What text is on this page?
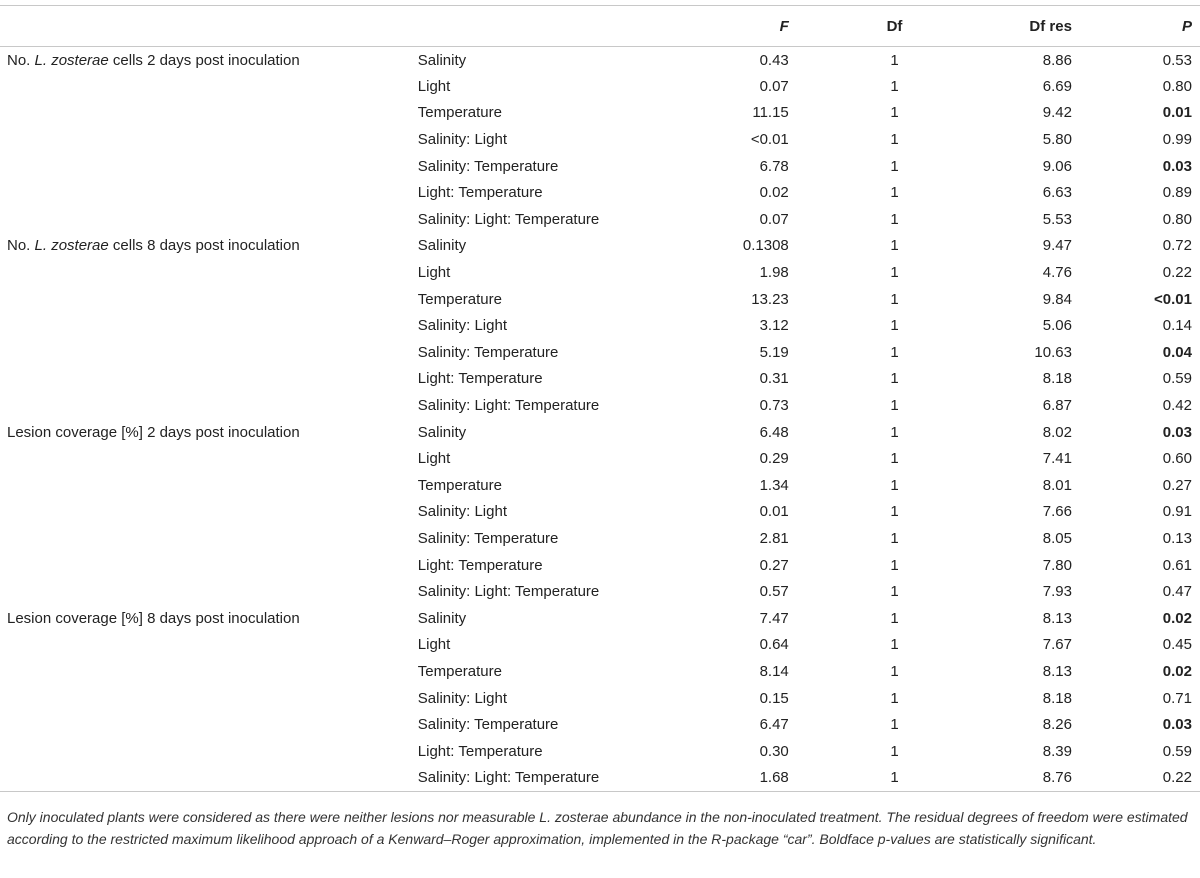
		F	Df	Df res	P
No. L. zosterae cells 2 days post inoculation	Salinity	0.43	1	8.86	0.53
	Light	0.07	1	6.69	0.80
	Temperature	11.15	1	9.42	0.01
	Salinity: Light	<0.01	1	5.80	0.99
	Salinity: Temperature	6.78	1	9.06	0.03
	Light: Temperature	0.02	1	6.63	0.89
	Salinity: Light: Temperature	0.07	1	5.53	0.80
No. L. zosterae cells 8 days post inoculation	Salinity	0.1308	1	9.47	0.72
	Light	1.98	1	4.76	0.22
	Temperature	13.23	1	9.84	<0.01
	Salinity: Light	3.12	1	5.06	0.14
	Salinity: Temperature	5.19	1	10.63	0.04
	Light: Temperature	0.31	1	8.18	0.59
	Salinity: Light: Temperature	0.73	1	6.87	0.42
Lesion coverage [%] 2 days post inoculation	Salinity	6.48	1	8.02	0.03
	Light	0.29	1	7.41	0.60
	Temperature	1.34	1	8.01	0.27
	Salinity: Light	0.01	1	7.66	0.91
	Salinity: Temperature	2.81	1	8.05	0.13
	Light: Temperature	0.27	1	7.80	0.61
	Salinity: Light: Temperature	0.57	1	7.93	0.47
Lesion coverage [%] 8 days post inoculation	Salinity	7.47	1	8.13	0.02
	Light	0.64	1	7.67	0.45
	Temperature	8.14	1	8.13	0.02
	Salinity: Light	0.15	1	8.18	0.71
	Salinity: Temperature	6.47	1	8.26	0.03
	Light: Temperature	0.30	1	8.39	0.59
	Salinity: Light: Temperature	1.68	1	8.76	0.22

Only inoculated plants were considered as there were neither lesions nor measurable L. zosterae abundance in the non-inoculated treatment. The residual degrees of freedom were estimated according to the restricted maximum likelihood approach of a Kenward–Roger approximation, implemented in the R-package “car”. Boldface p-values are statistically significant.
